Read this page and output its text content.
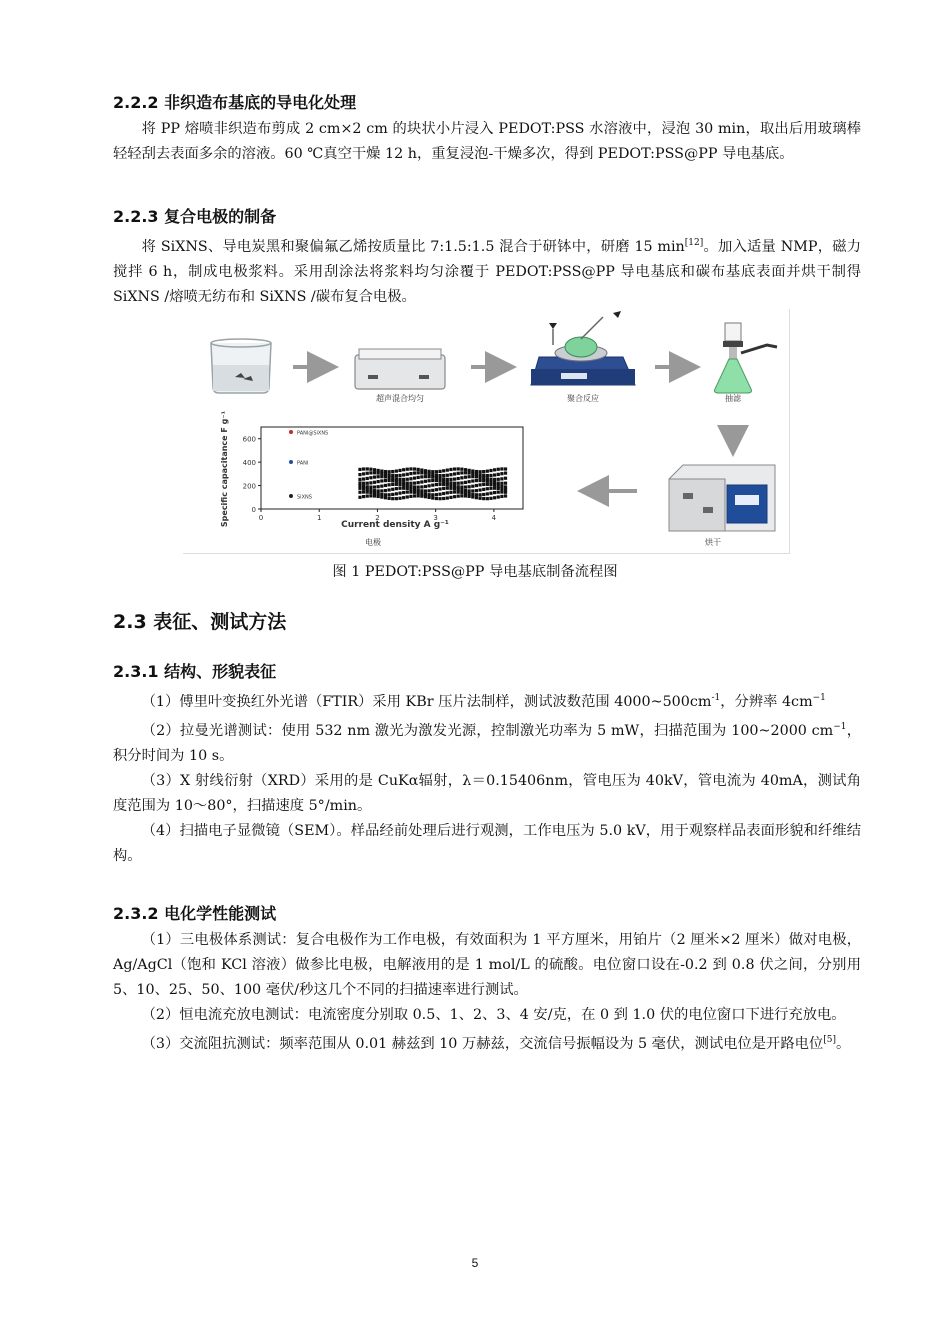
2.2.2 非织造布基底的导电化处理

将 PP 熔喷非织造布剪成 2 cm×2 cm 的块状小片浸入 PEDOT:PSS 水溶液中，浸泡 30 min，取出后用玻璃棒轻轻刮去表面多余的溶液。60 ℃真空干燥 12 h，重复浸泡-干燥多次，得到 PEDOT:PSS@PP 导电基底。

2.2.3 复合电极的制备

将 SiXNS、导电炭黑和聚偏氟乙烯按质量比 7:1.5:1.5 混合于研钵中，研磨 15 min[12]。加入适量 NMP，磁力搅拌 6 h，制成电极浆料。采用刮涂法将浆料均匀涂覆于 PEDOT:PSS@PP 导电基底和碳布基底表面并烘干制得 SiXNS /熔喷无纺布和 SiXNS /碳布复合电极。

超声混合均匀	聚合反应	抽滤
烘干
0
200
400
600
0	1	2	3	4
PANI@SiXNS
PANI
SiXNS
Specific capacitance F g⁻¹	Current density A g⁻¹
电极
图 1 PEDOT:PSS@PP 导电基底制备流程图
2.3 表征、测试方法
2.3.1 结构、形貌表征

（1）傅里叶变换红外光谱（FTIR）采用 KBr 压片法制样，测试波数范围 $4000\sim 500cm^{-1}$，分辨率 $4cm^{-1}$

（2）拉曼光谱测试：使用 532 nm 激光为激发光源，控制激光功率为 5 mW，扫描范围为 100~2000 $cm^{-1}$，积分时间为 10 s。

（3）X 射线衍射（XRD）采用的是 CuKα辐射，λ＝0.15406nm，管电压为 40kV，管电流为 40mA，测试角度范围为 10～80°，扫描速度 5°/min。

（4）扫描电子显微镜（SEM）。样品经前处理后进行观测，工作电压为 5.0 kV，用于观察样品表面形貌和纤维结构。

2.3.2 电化学性能测试

（1）三电极体系测试：复合电极作为工作电极，有效面积为 1 平方厘米，用铂片（2 厘米×2 厘米）做对电极，Ag/AgCl（饱和 KCl 溶液）做参比电极，电解液用的是 1 mol/L 的硫酸。电位窗口设在-0.2 到 0.8 伏之间，分别用 5、10、25、50、100 毫伏/秒这几个不同的扫描速率进行测试。

（2）恒电流充放电测试：电流密度分别取 0.5、1、2、3、4 安/克，在 0 到 1.0 伏的电位窗口下进行充放电。

（3）交流阻抗测试：频率范围从 0.01 赫兹到 10 万赫兹，交流信号振幅设为 5 毫伏，测试电位是开路电位[5]。

5
